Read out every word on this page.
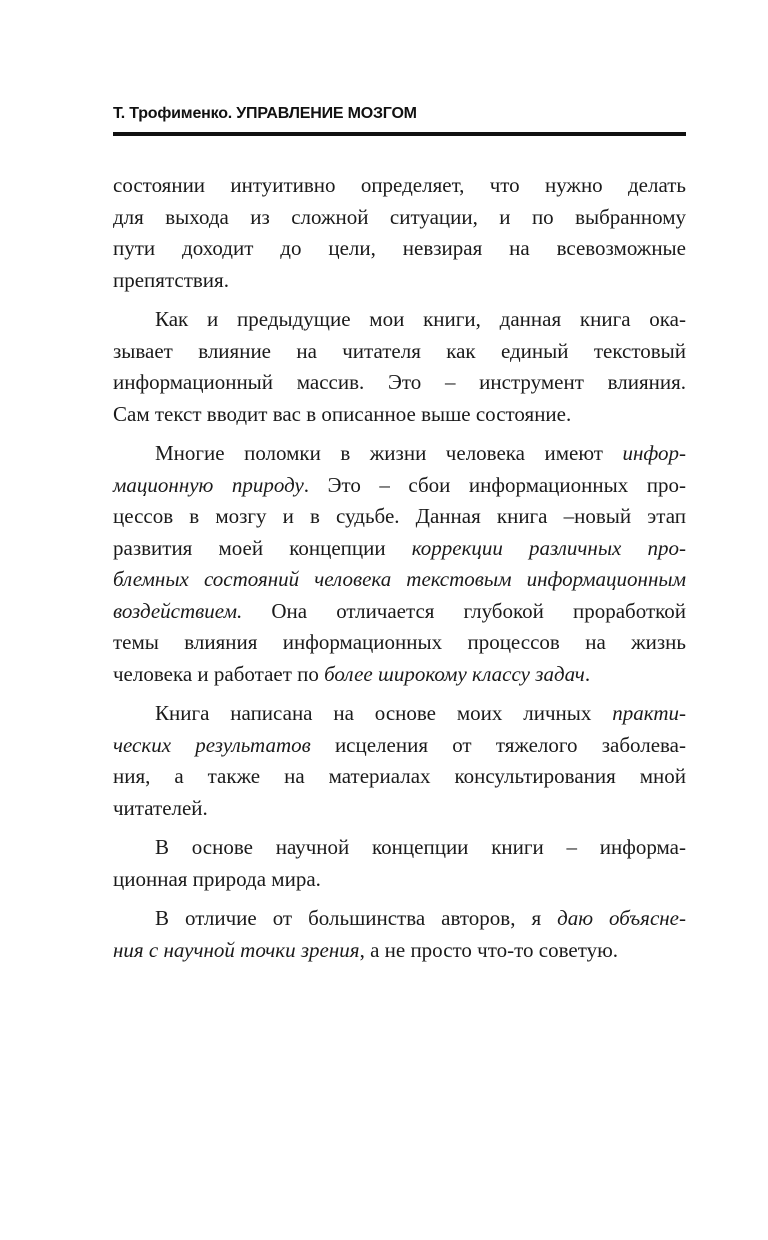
Т. Трофименко. УПРАВЛЕНИЕ МОЗГОМ
состоянии интуитивно определяет, что нужно делать
для выхода из сложной ситуации, и по выбранному
пути доходит до цели, невзирая на всевозможные
препятствия.
Как и предыдущие мои книги, данная книга ока-
зывает влияние на читателя как единый текстовый
информационный массив. Это – инструмент влияния.
Сам текст вводит вас в описанное выше состояние.
Многие поломки в жизни человека имеют инфор-
мационную природу. Это – сбои информационных про-
цессов в мозгу и в судьбе. Данная книга –новый этап
развития моей концепции коррекции различных про-
блемных состояний человека текстовым информационным
воздействием. Она отличается глубокой проработкой
темы влияния информационных процессов на жизнь
человека и работает по более широкому классу задач.
Книга написана на основе моих личных практи-
ческих результатов исцеления от тяжелого заболева-
ния, а также на материалах консультирования мной
читателей.
В основе научной концепции книги – информа-
ционная природа мира.
В отличие от большинства авторов, я даю объясне-
ния с научной точки зрения, а не просто что-то советую.
